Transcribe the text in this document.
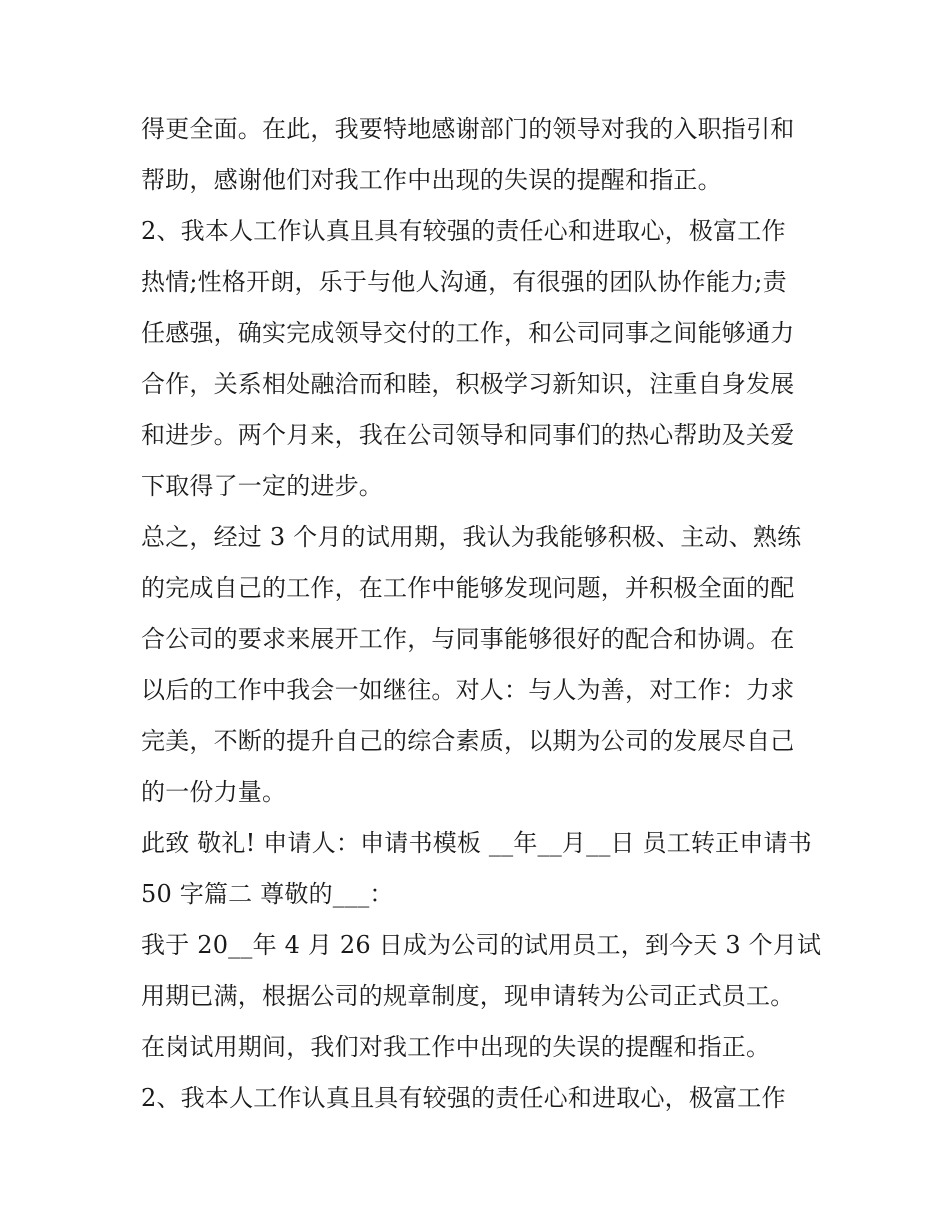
得更全面。在此，我要特地感谢部门的领导对我的入职指引和
帮助，感谢他们对我工作中出现的失误的提醒和指正。
2、我本人工作认真且具有较强的责任心和进取心，极富工作
热情;性格开朗，乐于与他人沟通，有很强的团队协作能力;责
任感强，确实完成领导交付的工作，和公司同事之间能够通力
合作，关系相处融洽而和睦，积极学习新知识，注重自身发展
和进步。两个月来，我在公司领导和同事们的热心帮助及关爱
下取得了一定的进步。
总之，经过 3 个月的试用期，我认为我能够积极、主动、熟练
的完成自己的工作，在工作中能够发现问题，并积极全面的配
合公司的要求来展开工作，与同事能够很好的配合和协调。在
以后的工作中我会一如继往。对人：与人为善，对工作：力求
完美，不断的提升自己的综合素质，以期为公司的发展尽自己
的一份力量。
此致 敬礼! 申请人：申请书模板 __年__月__日 员工转正申请书
50 字篇二 尊敬的___：
我于 20__年 4 月 26 日成为公司的试用员工，到今天 3 个月试
用期已满，根据公司的规章制度，现申请转为公司正式员工。
在岗试用期间，我们对我工作中出现的失误的提醒和指正。
2、我本人工作认真且具有较强的责任心和进取心，极富工作
